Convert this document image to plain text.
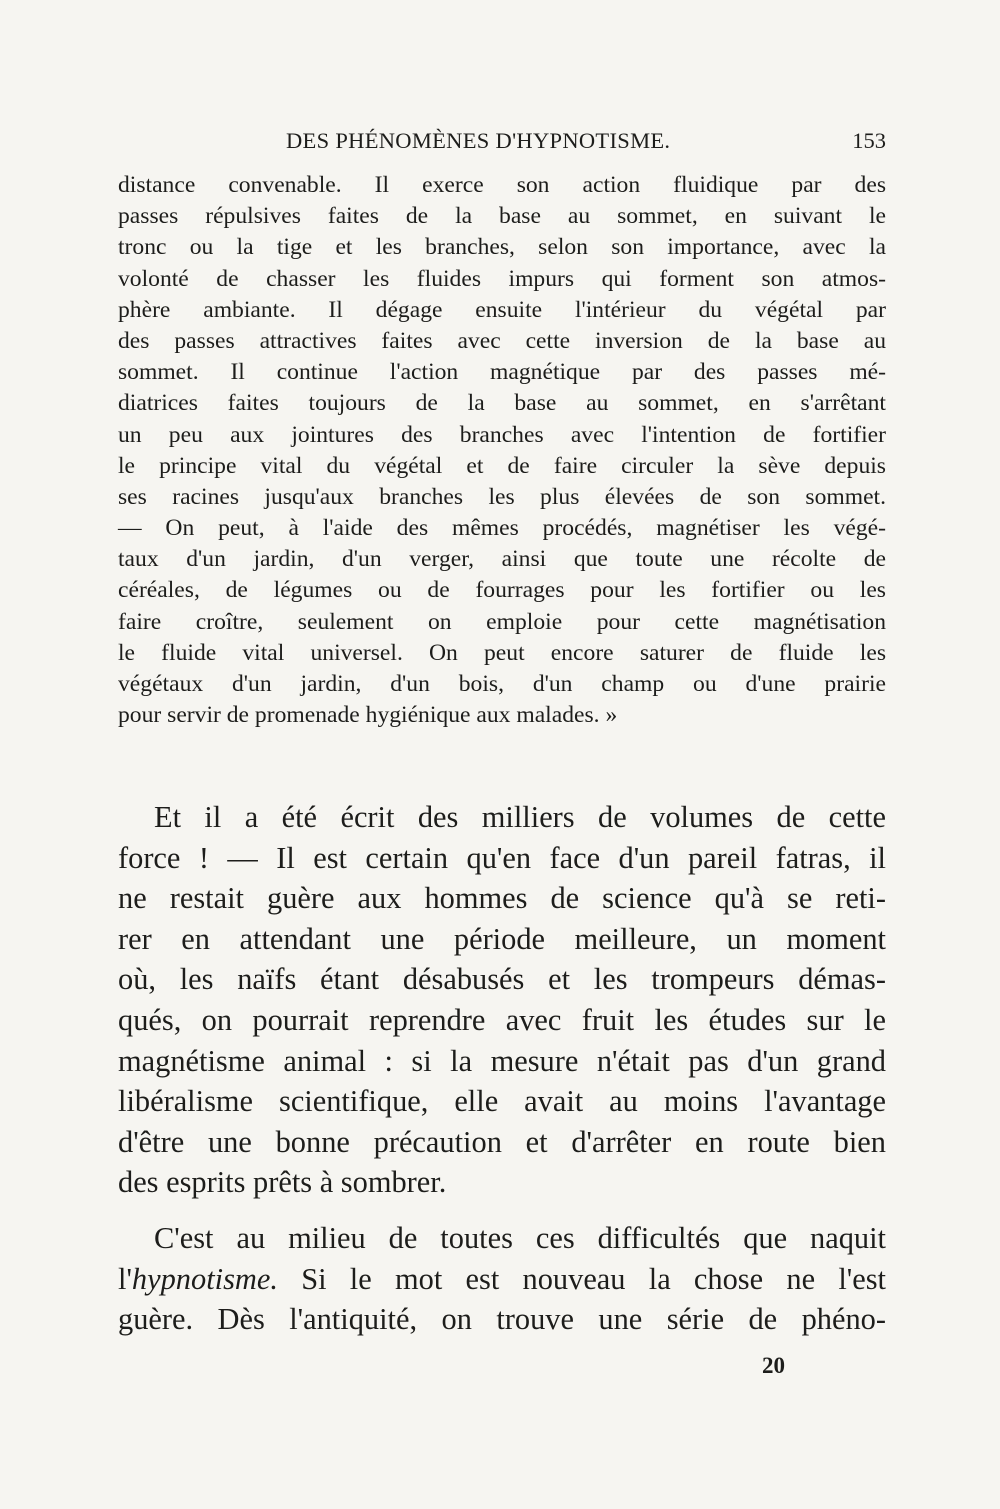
DES PHÉNOMÈNES D'HYPNOTISME.	153
distance convenable. Il exerce son action fluidique par des
passes répulsives faites de la base au sommet, en suivant le
tronc ou la tige et les branches, selon son importance, avec la
volonté de chasser les fluides impurs qui forment son atmos-
phère ambiante. Il dégage ensuite l'intérieur du végétal par
des passes attractives faites avec cette inversion de la base au
sommet. Il continue l'action magnétique par des passes mé-
diatrices faites toujours de la base au sommet, en s'arrêtant
un peu aux jointures des branches avec l'intention de fortifier
le principe vital du végétal et de faire circuler la sève depuis
ses racines jusqu'aux branches les plus élevées de son sommet.
— On peut, à l'aide des mêmes procédés, magnétiser les végé-
taux d'un jardin, d'un verger, ainsi que toute une récolte de
céréales, de légumes ou de fourrages pour les fortifier ou les
faire croître, seulement on emploie pour cette magnétisation
le fluide vital universel. On peut encore saturer de fluide les
végétaux d'un jardin, d'un bois, d'un champ ou d'une prairie
pour servir de promenade hygiénique aux malades. »
Et il a été écrit des milliers de volumes de cette
force ! — Il est certain qu'en face d'un pareil fatras, il
ne restait guère aux hommes de science qu'à se reti-
rer en attendant une période meilleure, un moment
où, les naïfs étant désabusés et les trompeurs démas-
qués, on pourrait reprendre avec fruit les études sur le
magnétisme animal : si la mesure n'était pas d'un grand
libéralisme scientifique, elle avait au moins l'avantage
d'être une bonne précaution et d'arrêter en route bien
des esprits prêts à sombrer.
C'est au milieu de toutes ces difficultés que naquit
l'hypnotisme. Si le mot est nouveau la chose ne l'est
guère. Dès l'antiquité, on trouve une série de phéno-
20
